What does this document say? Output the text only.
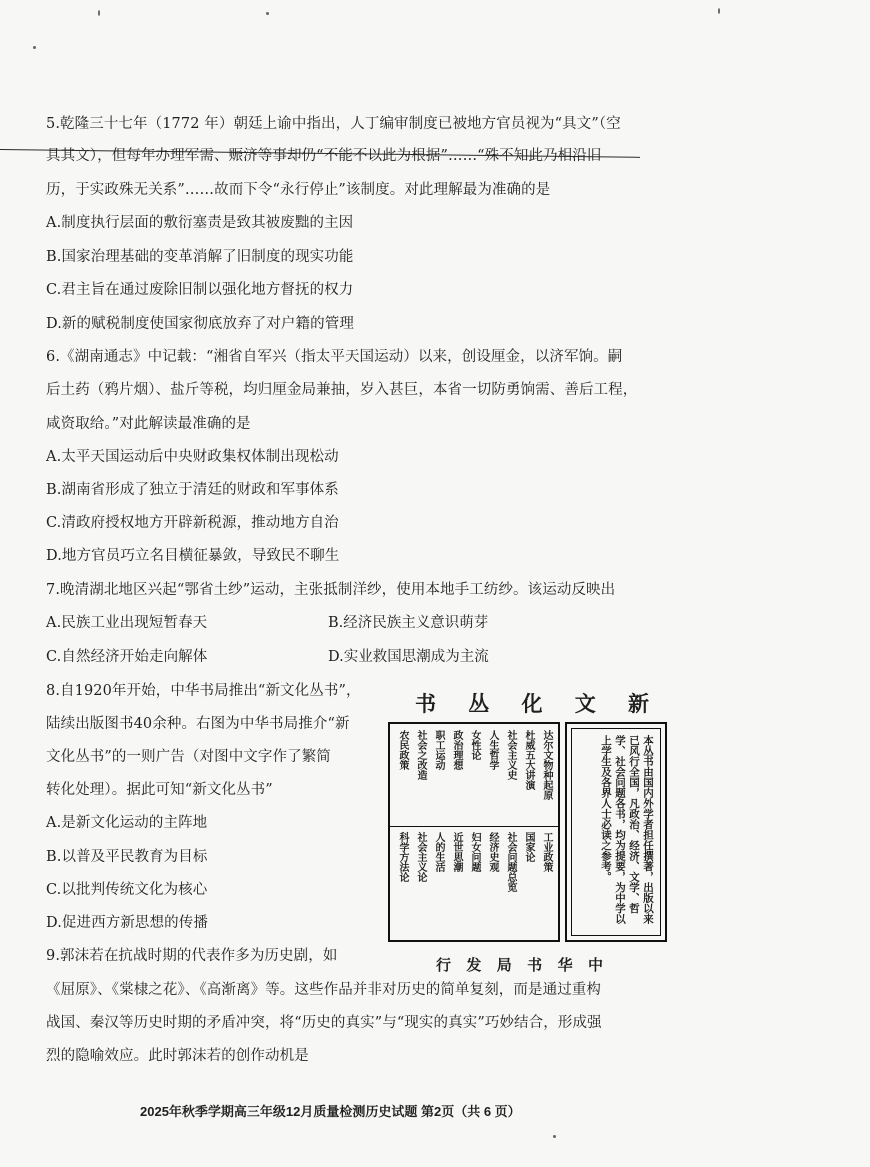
5.乾隆三十七年（1772 年）朝廷上谕中指出，人丁编审制度已被地方官员视为“具文”（空
具其文），但每年办理军需、赈济等事却仍“不能不以此为根据”……“殊不知此乃相沿旧
历，于实政殊无关系”……故而下令“永行停止”该制度。对此理解最为准确的是
A.制度执行层面的敷衍塞责是致其被废黜的主因
B.国家治理基础的变革消解了旧制度的现实功能
C.君主旨在通过废除旧制以强化地方督抚的权力
D.新的赋税制度使国家彻底放弃了对户籍的管理
6.《湖南通志》中记载：“湘省自军兴（指太平天国运动）以来，创设厘金，以济军饷。嗣
后土药（鸦片烟）、盐斤等税，均归厘金局兼抽，岁入甚巨，本省一切防勇饷需、善后工程，
咸资取给。”对此解读最准确的是
A.太平天国运动后中央财政集权体制出现松动
B.湖南省形成了独立于清廷的财政和军事体系
C.清政府授权地方开辟新税源，推动地方自治
D.地方官员巧立名目横征暴敛，导致民不聊生
7.晚清湖北地区兴起“鄂省土纱”运动，主张抵制洋纱，使用本地手工纺纱。该运动反映出
A.民族工业出现短暂春天	B.经济民族主义意识萌芽
C.自然经济开始走向解体	D.实业救国思潮成为主流
8.自1920年开始，中华书局推出“新文化丛书”，
陆续出版图书40余种。右图为中华书局推介“新
文化丛书”的一则广告（对图中文字作了繁简
转化处理）。据此可知“新文化丛书”
A.是新文化运动的主阵地
B.以普及平民教育为目标
C.以批判传统文化为核心
D.促进西方新思想的传播
书 丛 化 文 新
达尔文物种起原
杜威五大讲演
社会主义史
人生哲学
女性论
政治理想
职工运动
社会之改造
农民政策
工业政策
国家论
社会问题总览
经济史观
妇女问题
近世思潮
人的生活
社会主义论
科学方法论	本丛书由国内外学者担任撰著，出版以来已风行全国，凡政治、经济、文学、哲学、社会问题各书，均为提要，为中学以上学生及各界人士必读之参考。
行 发 局 书 华 中
9.郭沫若在抗战时期的代表作多为历史剧，如
《屈原》、《棠棣之花》、《高渐离》等。这些作品并非对历史的简单复刻，而是通过重构
战国、秦汉等历史时期的矛盾冲突，将“历史的真实”与“现实的真实”巧妙结合，形成强
烈的隐喻效应。此时郭沫若的创作动机是
2025年秋季学期高三年级12月质量检测历史试题 第2页（共 6 页）
